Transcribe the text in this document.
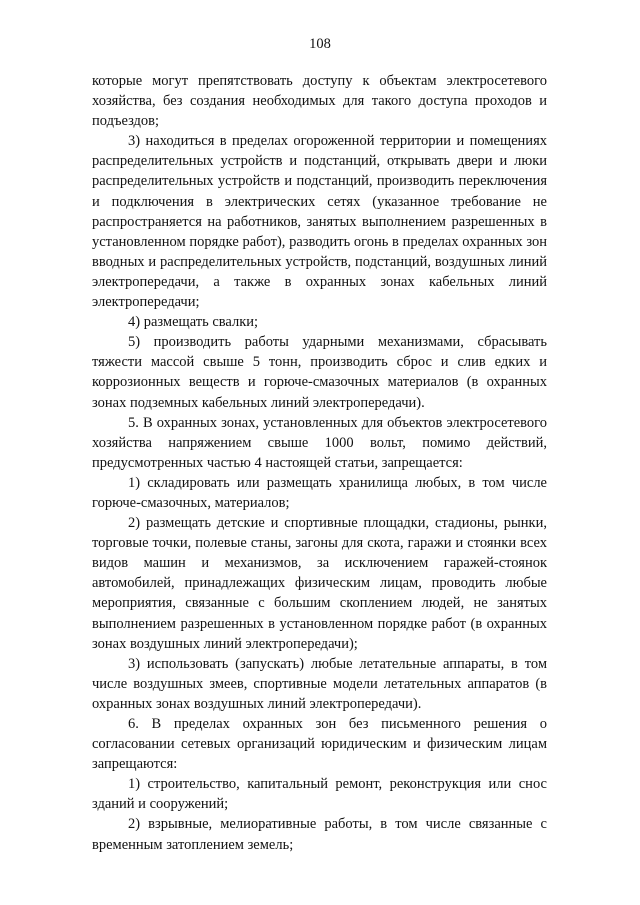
108

которые могут препятствовать доступу к объектам электросетевого хозяйства, без создания необходимых для такого доступа проходов и подъездов;

3) находиться в пределах огороженной территории и помещениях распределительных устройств и подстанций, открывать двери и люки распределительных устройств и подстанций, производить переключения и подключения в электрических сетях (указанное требование не распространяется на работников, занятых выполнением разрешенных в установленном порядке работ), разводить огонь в пределах охранных зон вводных и распределительных устройств, подстанций, воздушных линий электропередачи, а также в охранных зонах кабельных линий электропередачи;

4) размещать свалки;

5) производить работы ударными механизмами, сбрасывать тяжести массой свыше 5 тонн, производить сброс и слив едких и коррозионных веществ и горюче-смазочных материалов (в охранных зонах подземных кабельных линий электропередачи).

5. В охранных зонах, установленных для объектов электросетевого хозяйства напряжением свыше 1000 вольт, помимо действий, предусмотренных частью 4 настоящей статьи, запрещается:

1) складировать или размещать хранилища любых, в том числе горюче-смазочных, материалов;

2) размещать детские и спортивные площадки, стадионы, рынки, торговые точки, полевые станы, загоны для скота, гаражи и стоянки всех видов машин и механизмов, за исключением гаражей-стоянок автомобилей, принадлежащих физическим лицам, проводить любые мероприятия, связанные с большим скоплением людей, не занятых выполнением разрешенных в установленном порядке работ (в охранных зонах воздушных линий электропередачи);

3) использовать (запускать) любые летательные аппараты, в том числе воздушных змеев, спортивные модели летательных аппаратов (в охранных зонах воздушных линий электропередачи).

6. В пределах охранных зон без письменного решения о согласовании сетевых организаций юридическим и физическим лицам запрещаются:

1) строительство, капитальный ремонт, реконструкция или снос зданий и сооружений;

2) взрывные, мелиоративные работы, в том числе связанные с временным затоплением земель;
